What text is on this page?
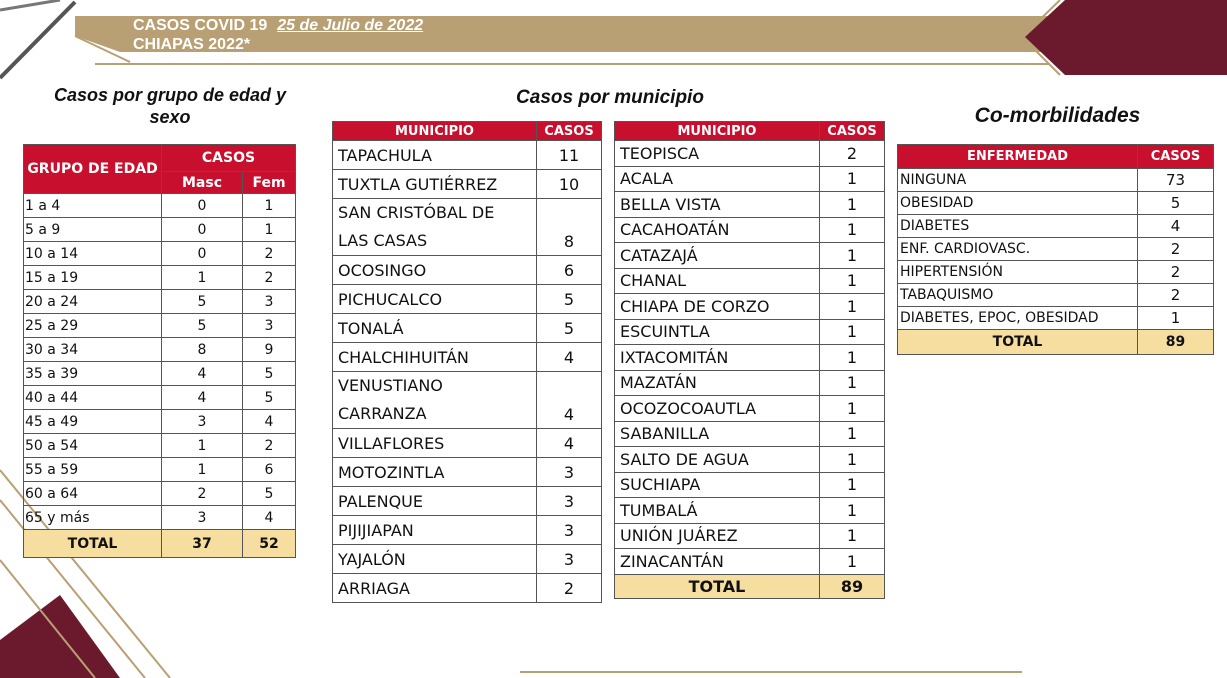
CASOS COVID 19 25 de Julio de 2022
CHIAPAS 2022*
Casos por grupo de edad y
sexo
Casos por municipio
Co-morbilidades
GRUPO DE EDAD	CASOS	
	Masc	Fem
1 a 4	0	1
5 a 9	0	1
10 a 14	0	2
15 a 19	1	2
20 a 24	5	3
25 a 29	5	3
30 a 34	8	9
35 a 39	4	5
40 a 44	4	5
45 a 49	3	4
50 a 54	1	2
55 a 59	1	6
60 a 64	2	5
65 y más	3	4
TOTAL	37	52
MUNICIPIO	CASOS
TAPACHULA	11
TUXTLA GUTIÉRREZ	10

SAN CRISTÓBAL DE
LAS CASAS	8
OCOSINGO	6
PICHUCALCO	5
TONALÁ	5
CHALCHIHUITÁN	4

VENUSTIANO
CARRANZA	4
VILLAFLORES	4
MOTOZINTLA	3
PALENQUE	3
PIJIJIAPAN	3
YAJALÓN	3
ARRIAGA	2
MUNICIPIO	CASOS
TEOPISCA	2
ACALA	1
BELLA VISTA	1
CACAHOATÁN	1
CATAZAJÁ	1
CHANAL	1
CHIAPA DE CORZO	1
ESCUINTLA	1
IXTACOMITÁN	1
MAZATÁN	1
OCOZOCOAUTLA	1
SABANILLA	1
SALTO DE AGUA	1
SUCHIAPA	1
TUMBALÁ	1
UNIÓN JUÁREZ	1
ZINACANTÁN	1
TOTAL	89
ENFERMEDAD	CASOS
NINGUNA	73
OBESIDAD	5
DIABETES	4
ENF. CARDIOVASC.	2
HIPERTENSIÓN	2
TABAQUISMO	2
DIABETES, EPOC, OBESIDAD	1
TOTAL	89
